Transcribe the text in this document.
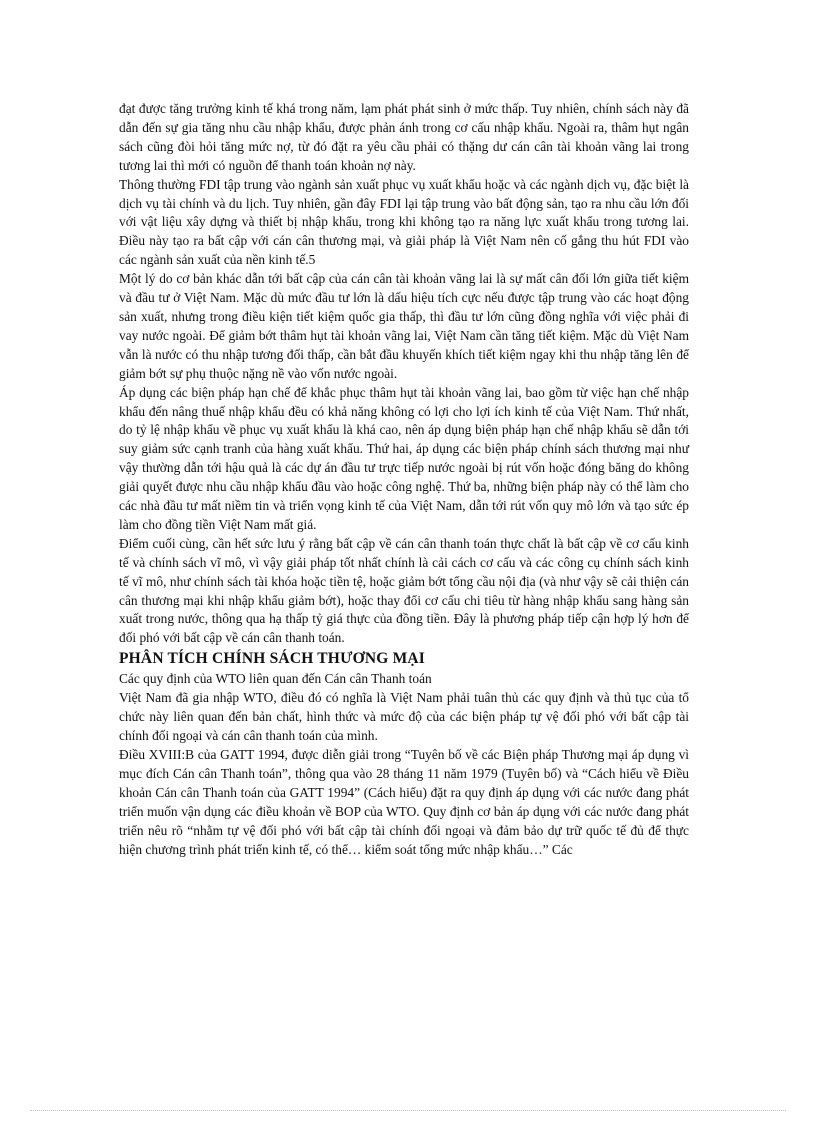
đạt được tăng trưởng kinh tế khá trong năm, lạm phát phát sinh ở mức thấp. Tuy nhiên, chính sách này đã dẫn đến sự gia tăng nhu cầu nhập khẩu, được phản ánh trong cơ cấu nhập khẩu. Ngoài ra, thâm hụt ngân sách cũng đòi hỏi tăng mức nợ, từ đó đặt ra yêu cầu phải có thặng dư cán cân tài khoản vãng lai trong tương lai thì mới có nguồn để thanh toán khoản nợ này.

Thông thường FDI tập trung vào ngành sản xuất phục vụ xuất khẩu hoặc và các ngành dịch vụ, đặc biệt là dịch vụ tài chính và du lịch. Tuy nhiên, gần đây FDI lại tập trung vào bất động sản, tạo ra nhu cầu lớn đối với vật liệu xây dựng và thiết bị nhập khẩu, trong khi không tạo ra năng lực xuất khẩu trong tương lai. Điều này tạo ra bất cập với cán cân thương mại, và giải pháp là Việt Nam nên cố gắng thu hút FDI vào các ngành sản xuất của nền kinh tế.5

Một lý do cơ bản khác dẫn tới bất cập của cán cân tài khoản vãng lai là sự mất cân đối lớn giữa tiết kiệm và đầu tư ở Việt Nam. Mặc dù mức đầu tư lớn là dấu hiệu tích cực nếu được tập trung vào các hoạt động sản xuất, nhưng trong điều kiện tiết kiệm quốc gia thấp, thì đầu tư lớn cũng đồng nghĩa với việc phải đi vay nước ngoài. Để giảm bớt thâm hụt tài khoản vãng lai, Việt Nam cần tăng tiết kiệm. Mặc dù Việt Nam vẫn là nước có thu nhập tương đối thấp, cần bắt đầu khuyến khích tiết kiệm ngay khi thu nhập tăng lên để giảm bớt sự phụ thuộc nặng nề vào vốn nước ngoài.

Áp dụng các biện pháp hạn chế để khắc phục thâm hụt tài khoản vãng lai, bao gồm từ việc hạn chế nhập khẩu đến nâng thuế nhập khẩu đều có khả năng không có lợi cho lợi ích kinh tế của Việt Nam. Thứ nhất, do tỷ lệ nhập khẩu về phục vụ xuất khẩu là khá cao, nên áp dụng biện pháp hạn chế nhập khẩu sẽ dẫn tới suy giảm sức cạnh tranh của hàng xuất khẩu. Thứ hai, áp dụng các biện pháp chính sách thương mại như vậy thường dẫn tới hậu quả là các dự án đầu tư trực tiếp nước ngoài bị rút vốn hoặc đóng băng do không giải quyết được nhu cầu nhập khẩu đầu vào hoặc công nghệ. Thứ ba, những biện pháp này có thể làm cho các nhà đầu tư mất niềm tin và triển vọng kinh tế của Việt Nam, dẫn tới rút vốn quy mô lớn và tạo sức ép làm cho đồng tiền Việt Nam mất giá.

Điểm cuối cùng, cần hết sức lưu ý rằng bất cập về cán cân thanh toán thực chất là bất cập về cơ cấu kinh tế và chính sách vĩ mô, vì vậy giải pháp tốt nhất chính là cải cách cơ cấu và các công cụ chính sách kinh tế vĩ mô, như chính sách tài khóa hoặc tiền tệ, hoặc giảm bớt tổng cầu nội địa (và như vậy sẽ cải thiện cán cân thương mại khi nhập khẩu giảm bớt), hoặc thay đổi cơ cấu chi tiêu từ hàng nhập khẩu sang hàng sản xuất trong nước, thông qua hạ thấp tỷ giá thực của đồng tiền. Đây là phương pháp tiếp cận hợp lý hơn để đối phó với bất cập về cán cân thanh toán.

PHÂN TÍCH CHÍNH SÁCH THƯƠNG MẠI

Các quy định của WTO liên quan đến Cán cân Thanh toán

Việt Nam đã gia nhập WTO, điều đó có nghĩa là Việt Nam phải tuân thủ các quy định và thủ tục của tổ chức này liên quan đến bản chất, hình thức và mức độ của các biện pháp tự vệ đối phó với bất cập tài chính đối ngoại và cán cân thanh toán của mình.

Điều XVIII:B của GATT 1994, được diễn giải trong “Tuyên bố về các Biện pháp Thương mại áp dụng vì mục đích Cán cân Thanh toán”, thông qua vào 28 tháng 11 năm 1979 (Tuyên bố) và “Cách hiểu về Điều khoản Cán cân Thanh toán của GATT 1994” (Cách hiểu) đặt ra quy định áp dụng với các nước đang phát triển muốn vận dụng các điều khoản về BOP của WTO. Quy định cơ bản áp dụng với các nước đang phát triển nêu rõ “nhằm tự vệ đối phó với bất cập tài chính đối ngoại và đảm bảo dự trữ quốc tế đủ để thực hiện chương trình phát triển kinh tế, có thể… kiểm soát tổng mức nhập khẩu…” Các
